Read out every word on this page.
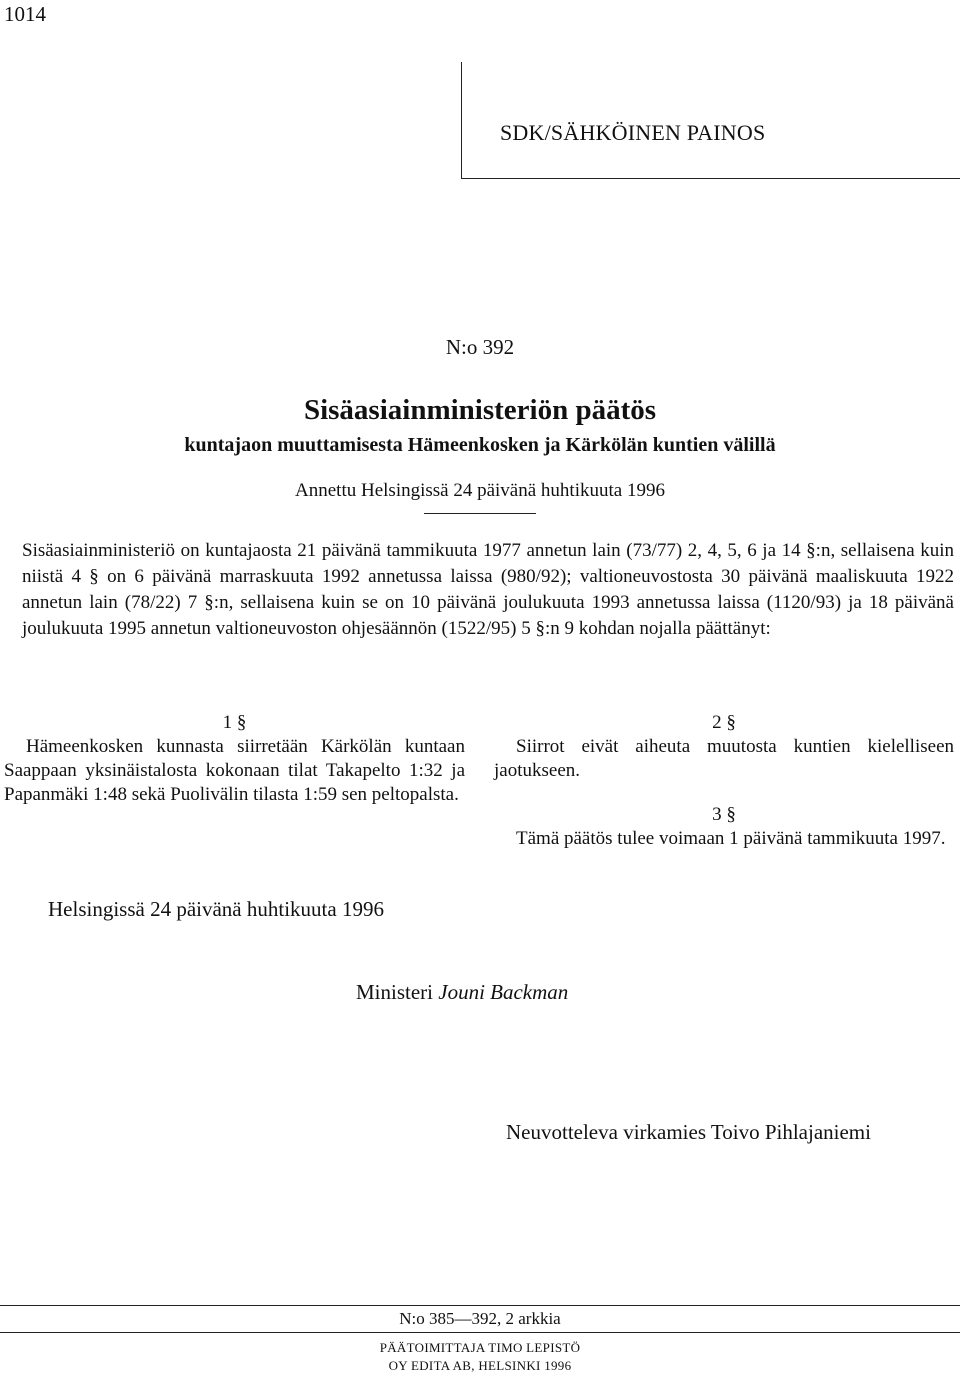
1014
SDK/SÄHKÖINEN PAINOS
N:o 392
Sisäasiainministeriön päätös
kuntajaon muuttamisesta Hämeenkosken ja Kärkölän kuntien välillä
Annettu Helsingissä 24 päivänä huhtikuuta 1996

Sisäasiainministeriö on kuntajaosta 21 päivänä tammikuuta 1977 annetun lain (73/77) 2, 4, 5, 6 ja 14 §:n, sellaisena kuin niistä 4 § on 6 päivänä marraskuuta 1992 annetussa laissa (980/92); valtioneuvostosta 30 päivänä maaliskuuta 1922 annetun lain (78/22) 7 §:n, sellaisena kuin se on 10 päivänä joulukuuta 1993 annetussa laissa (1120/93) ja 18 päivänä joulukuuta 1995 annetun valtioneuvoston ohjesäännön (1522/95) 5 §:n 9 kohdan nojalla päättänyt:

1 §

Hämeenkosken kunnasta siirretään Kärkölän kuntaan Saappaan yksinäistalosta kokonaan tilat Takapelto 1:32 ja Papanmäki 1:48 sekä Puolivälin tilasta 1:59 sen peltopalsta.

2 §

Siirrot eivät aiheuta muutosta kuntien kielelliseen jaotukseen.

3 §

Tämä päätös tulee voimaan 1 päivänä tammikuuta 1997.

Helsingissä 24 päivänä huhtikuuta 1996
Ministeri Jouni Backman
Neuvotteleva virkamies Toivo Pihlajaniemi
N:o 385—392, 2 arkkia
PÄÄTOIMITTAJA TIMO LEPISTÖ
OY EDITA AB, HELSINKI 1996
